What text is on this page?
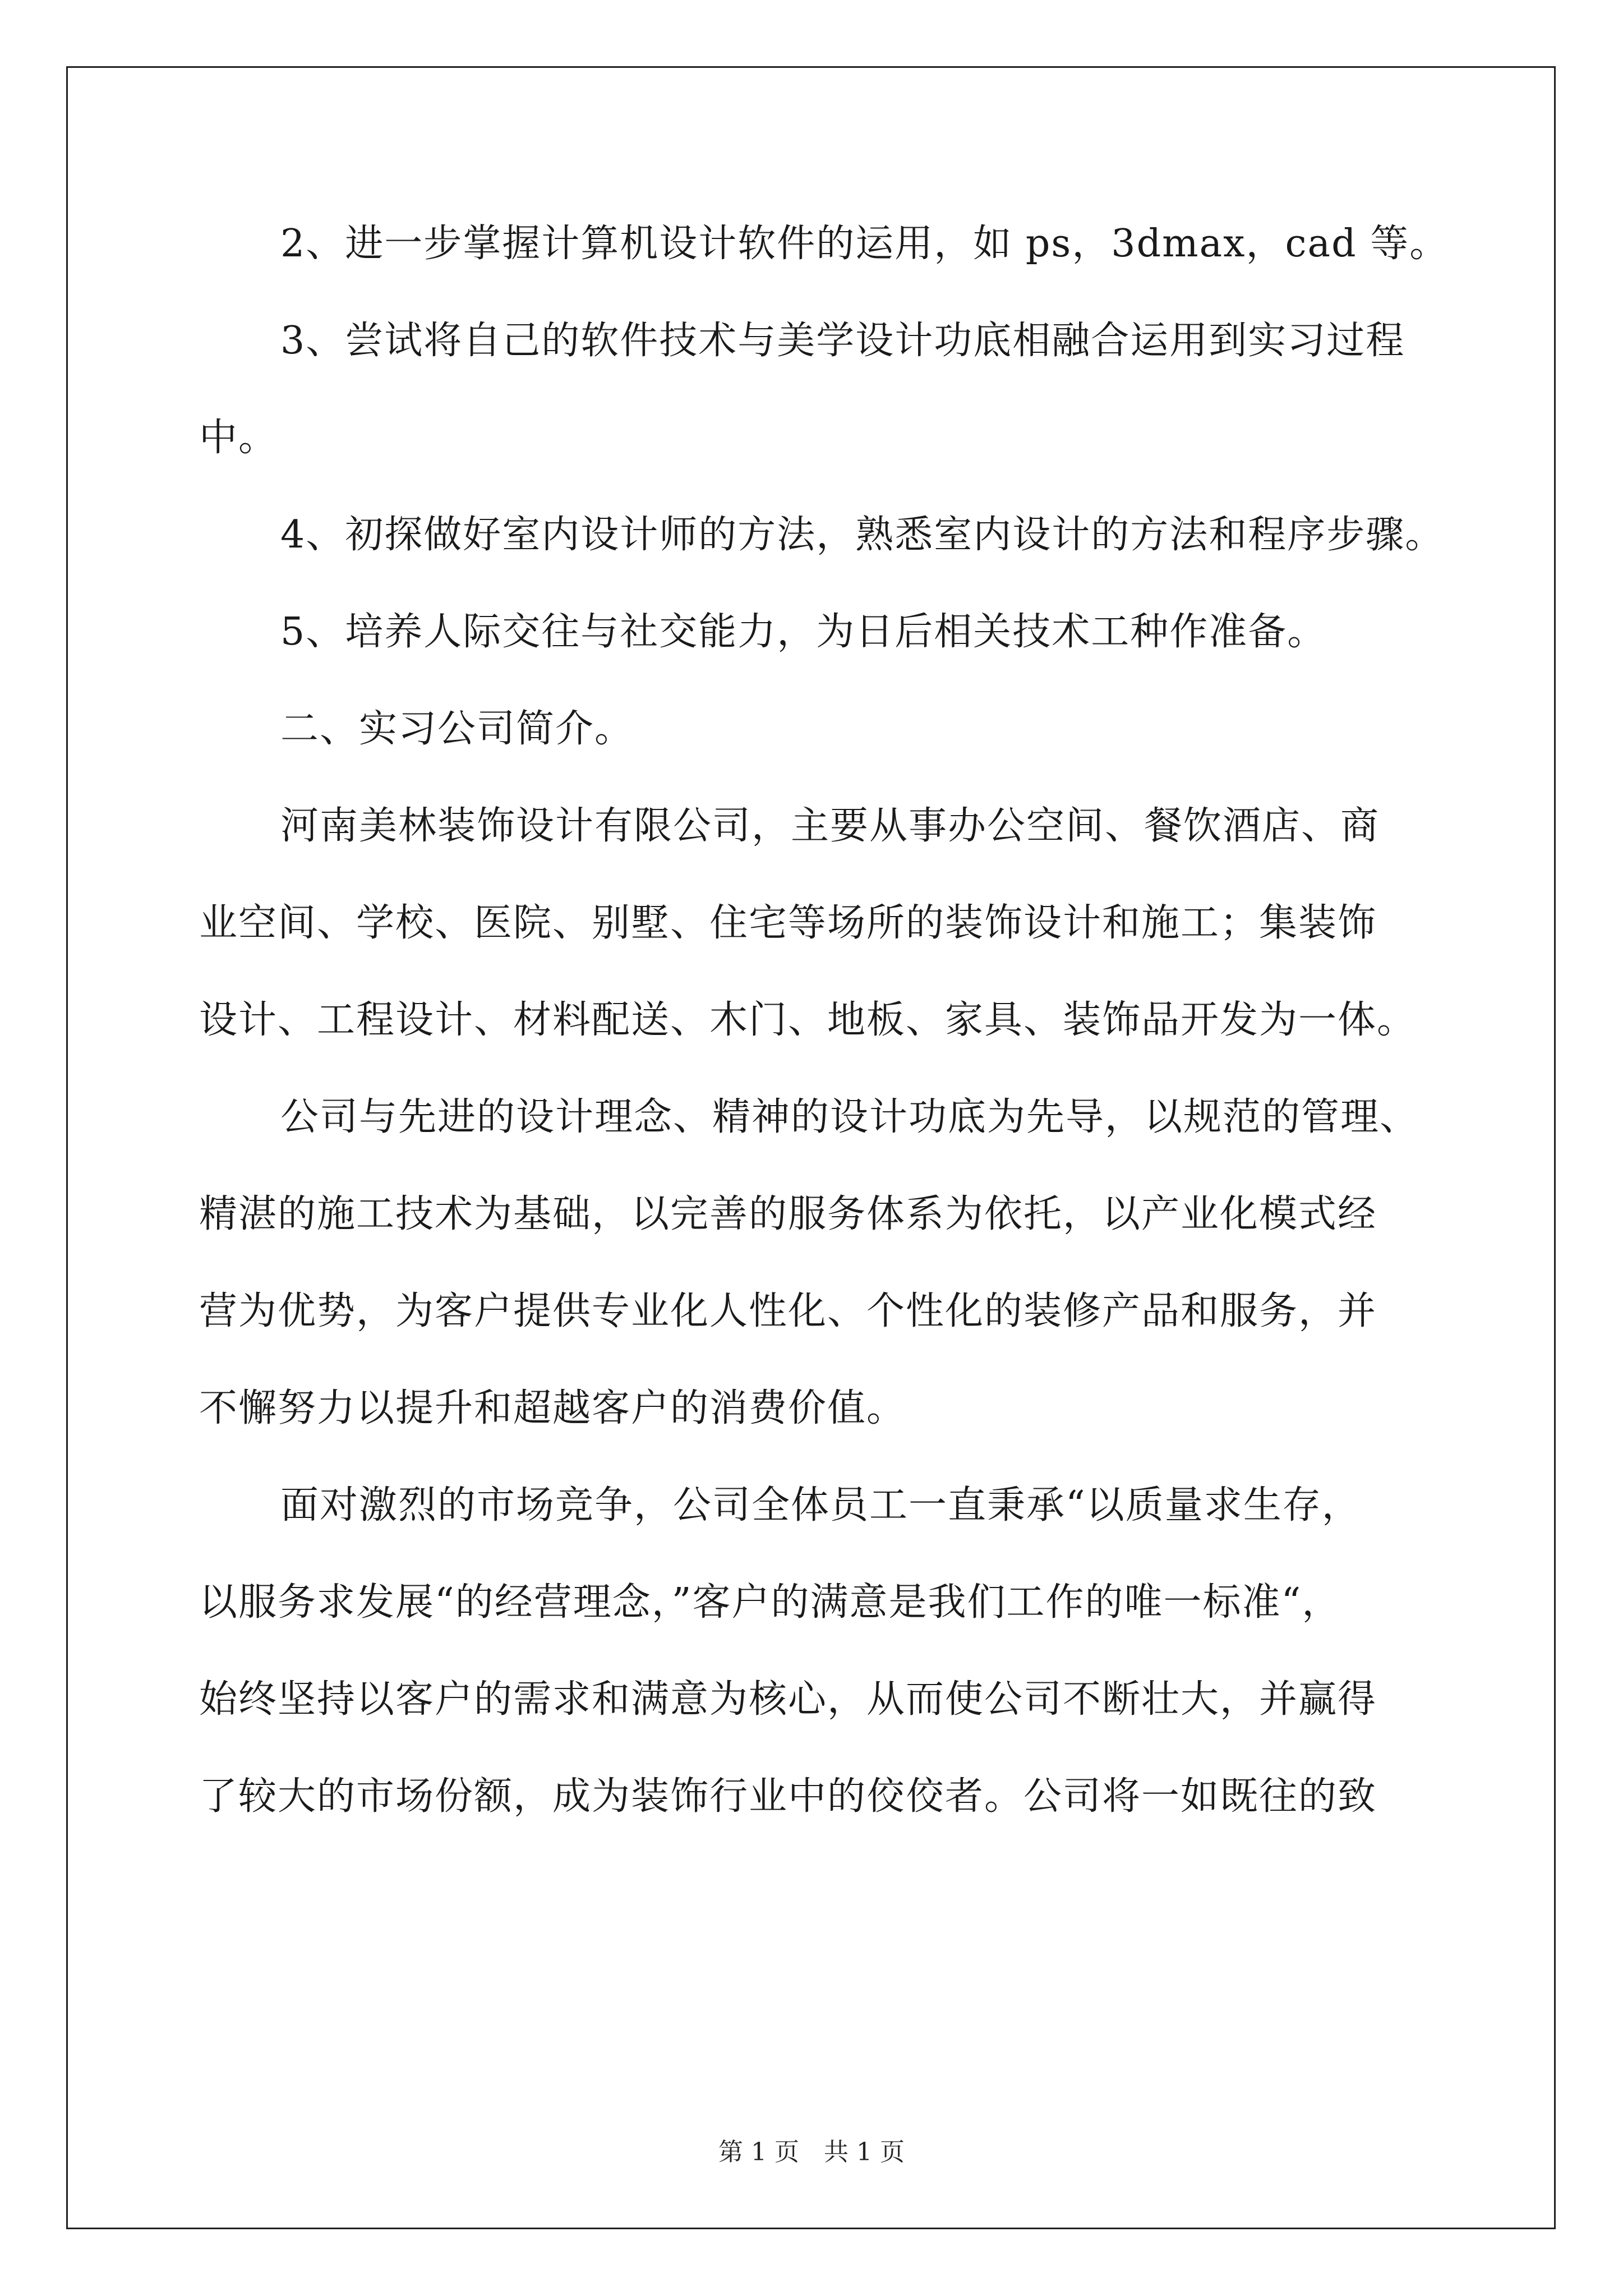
2、进一步掌握计算机设计软件的运用，如 ps，3dmax，cad 等。
3、尝试将自己的软件技术与美学设计功底相融合运用到实习过程
中。
4、初探做好室内设计师的方法，熟悉室内设计的方法和程序步骤。
5、培养人际交往与社交能力，为日后相关技术工种作准备。
二、实习公司简介。
河南美林装饰设计有限公司，主要从事办公空间、餐饮酒店、商
业空间、学校、医院、别墅、住宅等场所的装饰设计和施工；集装饰
设计、工程设计、材料配送、木门、地板、家具、装饰品开发为一体。
公司与先进的设计理念、精神的设计功底为先导，以规范的管理、
精湛的施工技术为基础，以完善的服务体系为依托，以产业化模式经
营为优势，为客户提供专业化人性化、个性化的装修产品和服务，并
不懈努力以提升和超越客户的消费价值。
面对激烈的市场竞争，公司全体员工一直秉承“以质量求生存，
以服务求发展“的经营理念，”客户的满意是我们工作的唯一标准“，
始终坚持以客户的需求和满意为核心，从而使公司不断壮大，并赢得
了较大的市场份额，成为装饰行业中的佼佼者。公司将一如既往的致
第 1 页 共 1 页
